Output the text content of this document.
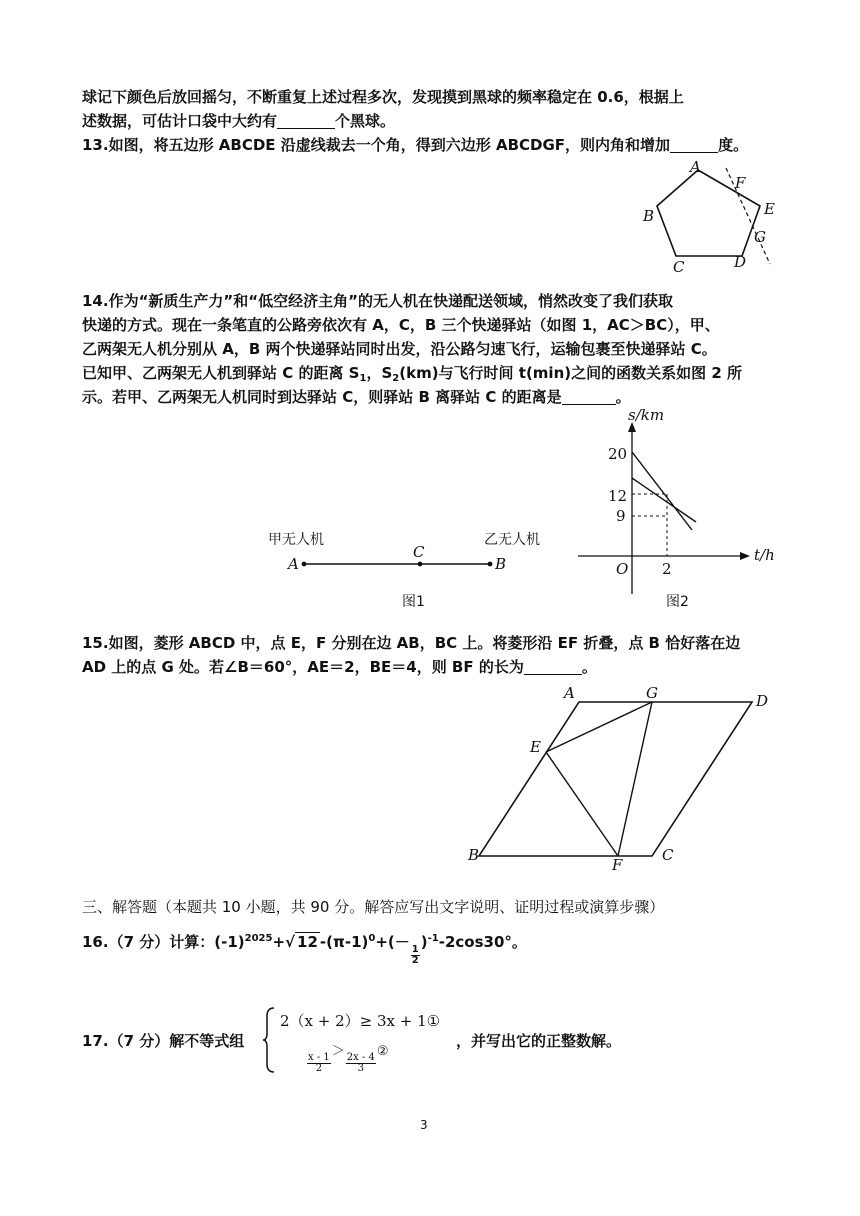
球记下颜色后放回摇匀，不断重复上述过程多次，发现摸到黑球的频率稳定在 0.6，根据上
述数据，可估计口袋中大约有	个黑球。
13.如图，将五边形 ABCDE 沿虚线裁去一个角，得到六边形 ABCDGF，则内角和增加	度。
A
F
E
G
B
C	D
14.作为“新质生产力”和“低空经济主角”的无人机在快递配送领域，悄然改变了我们获取
快递的方式。现在一条笔直的公路旁依次有 A，C，B 三个快递驿站（如图 1，AC＞BC），甲、
乙两架无人机分别从 A，B 两个快递驿站同时出发，沿公路匀速飞行，运输包裹至快递驿站 C。
已知甲、乙两架无人机到驿站 C 的距离 $S_1$，$S_2(km)$与飞行时间 t(min)之间的函数关系如图 2 所
示。若甲、乙两架无人机同时到达驿站 C，则驿站 B 离驿站 C 的距离是	。
甲无人机	乙无人机
A
C
B
图1
s/km
t/h
O
20
12
9
2
图2
15.如图，菱形 ABCD 中，点 E，F 分别在边 AB，BC 上。将菱形沿 EF 折叠，点 B 恰好落在边
AD 上的点 G 处。若∠B＝60°，AE＝2，BE＝4，则 BF 的长为	。
A	G	D
E
B
F
C
三、解答题（本题共 10 小题，共 90 分。解答应写出文字说明、证明过程或演算步骤）
16.（7 分）计算：$(-1)^{2025}+√$ 12 $-(\pi-1)^0+(-$
$\frac{1}{2}$
)$^{-1}$-2cos30°。
17.（7 分）解不等式组
2（x + 2）≥ 3x + 1①
$\frac{x - 1}{2}$
＞
$\frac{2x - 4}{3}$
②
，并写出它的正整数解。
3
